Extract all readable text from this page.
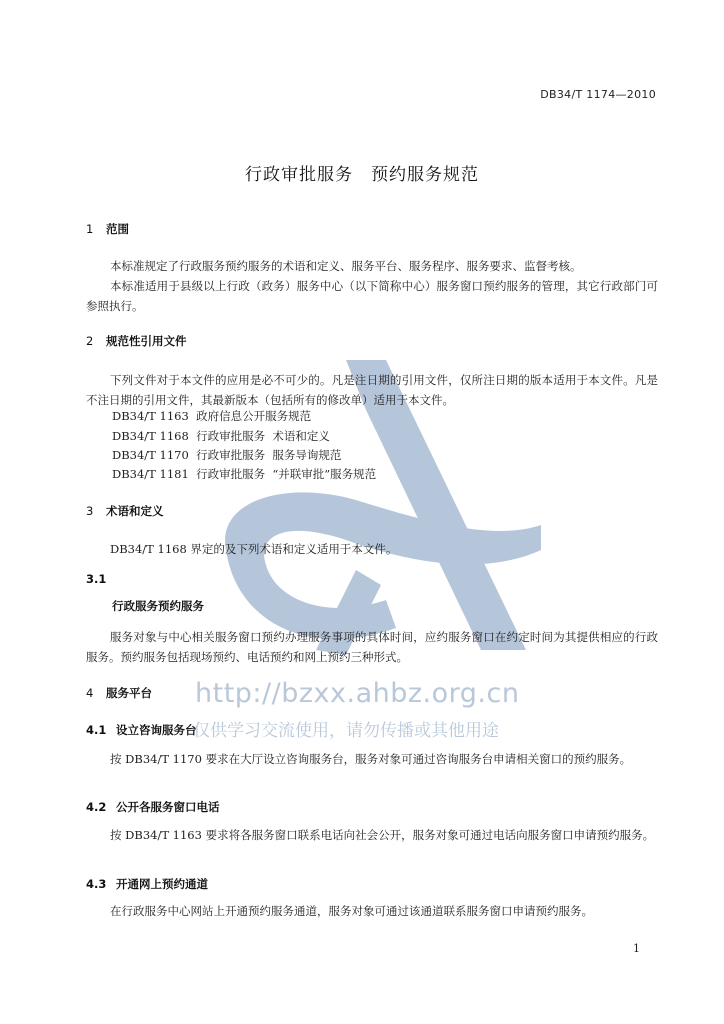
http://bzxx.ahbz.org.cn
仅供学习交流使用，请勿传播或其他用途
DB34/T 1174—2010
行政审批服务　预约服务规范
1 范围
本标准规定了行政服务预约服务的术语和定义、服务平台、服务程序、服务要求、监督考核。
本标准适用于县级以上行政（政务）服务中心（以下简称中心）服务窗口预约服务的管理，其它行政部门可参照执行。
2 规范性引用文件
下列文件对于本文件的应用是必不可少的。凡是注日期的引用文件，仅所注日期的版本适用于本文件。凡是不注日期的引用文件，其最新版本（包括所有的修改单）适用于本文件。
DB34/T 1163  政府信息公开服务规范
DB34/T 1168  行政审批服务  术语和定义
DB34/T 1170  行政审批服务  服务导询规范
DB34/T 1181  行政审批服务  “并联审批”服务规范
3 术语和定义
DB34/T 1168 界定的及下列术语和定义适用于本文件。
3.1
行政服务预约服务
服务对象与中心相关服务窗口预约办理服务事项的具体时间，应约服务窗口在约定时间为其提供相应的行政服务。预约服务包括现场预约、电话预约和网上预约三种形式。
4 服务平台
4.1 设立咨询服务台
按 DB34/T 1170 要求在大厅设立咨询服务台，服务对象可通过咨询服务台申请相关窗口的预约服务。
4.2 公开各服务窗口电话
按 DB34/T 1163 要求将各服务窗口联系电话向社会公开，服务对象可通过电话向服务窗口申请预约服务。
4.3 开通网上预约通道
在行政服务中心网站上开通预约服务通道，服务对象可通过该通道联系服务窗口申请预约服务。
1
